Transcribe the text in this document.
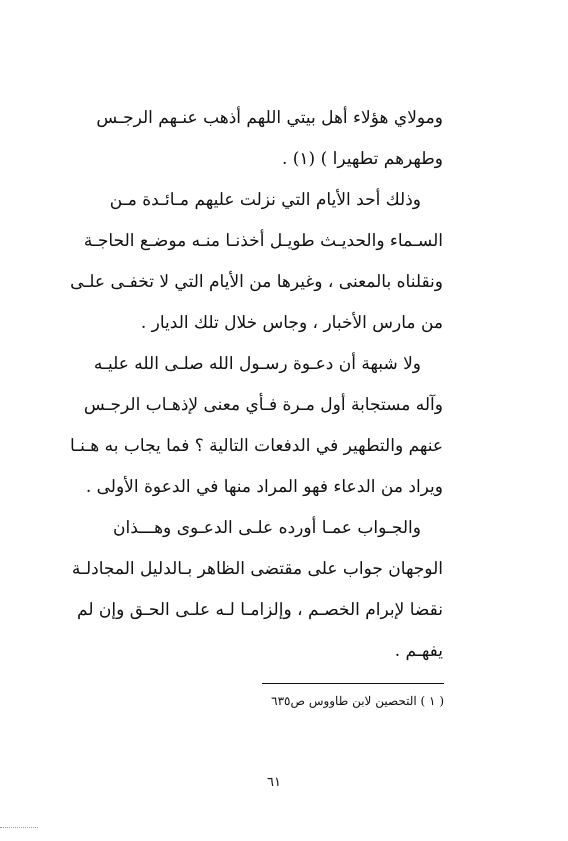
ومولاي هؤلاء أهل بيتي اللهم أذهب عنـهم الرجـس
وطهرهم تطهيرا ) (١) .
وذلك أحد الأيام التي نزلت عليهم مـائـدة مـن
السـماء والحديـث طويـل أخذنـا منـه موضـع الحاجـة
ونقلناه بالمعنى ، وغيرها من الأيام التي لا تخفـى علـى
من مارس الأخبار ، وجاس خلال تلك الديار .
ولا شبهة أن دعـوة رسـول الله صلـى الله عليـه
وآله مستجابة أول مـرة فـأي معنى لإذهـاب الرجـس
عنهم والتطهير في الدفعات التالية ؟ فما يجاب به هـنـا
ويراد من الدعاء فهو المراد منها في الدعوة الأولى .
والجـواب عمـا أورده علـى الدعـوى وهـــذان
الوجهان جواب على مقتضى الظاهر بـالدليل المجادلـة
نقضا لإبرام الخصـم ، وإلزامـا لـه علـى الحـق وإن لم
يفهـم .
( ١ ) التحصين لابن طاووس ص٦٣٥
٦١
